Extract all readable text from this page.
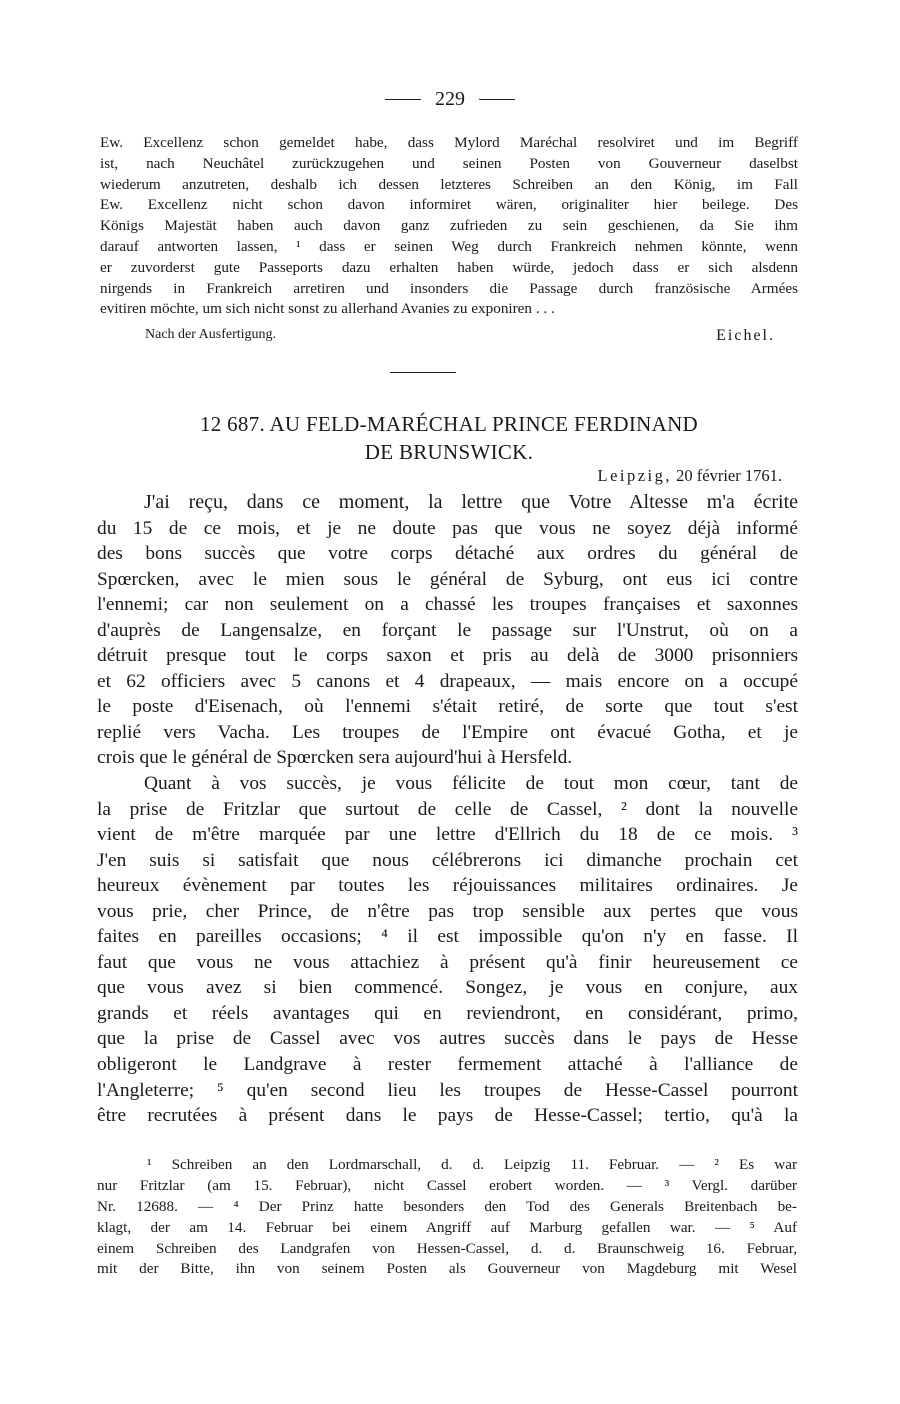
229
Ew. Excellenz schon gemeldet habe, dass Mylord Maréchal resolviret und im Begriff
ist, nach Neuchâtel zurückzugehen und seinen Posten von Gouverneur daselbst
wiederum anzutreten, deshalb ich dessen letzteres Schreiben an den König, im Fall
Ew. Excellenz nicht schon davon informiret wären, originaliter hier beilege. Des
Königs Majestät haben auch davon ganz zufrieden zu sein geschienen, da Sie ihm
darauf antworten lassen, ¹ dass er seinen Weg durch Frankreich nehmen könnte, wenn
er zuvorderst gute Passeports dazu erhalten haben würde, jedoch dass er sich alsdenn
nirgends in Frankreich arretiren und insonders die Passage durch französische Armées
evitiren möchte, um sich nicht sonst zu allerhand Avanies zu exponiren . . .
Nach der Ausfertigung.	Eichel.
12 687. AU FELD-MARÉCHAL PRINCE FERDINAND
DE BRUNSWICK.
Leipzig, 20 février 1761.
J'ai reçu, dans ce moment, la lettre que Votre Altesse m'a écrite
du 15 de ce mois, et je ne doute pas que vous ne soyez déjà informé
des bons succès que votre corps détaché aux ordres du général de
Spœrcken, avec le mien sous le général de Syburg, ont eus ici contre
l'ennemi; car non seulement on a chassé les troupes françaises et saxonnes
d'auprès de Langensalze, en forçant le passage sur l'Unstrut, où on a
détruit presque tout le corps saxon et pris au delà de 3000 prisonniers
et 62 officiers avec 5 canons et 4 drapeaux, — mais encore on a occupé
le poste d'Eisenach, où l'ennemi s'était retiré, de sorte que tout s'est
replié vers Vacha. Les troupes de l'Empire ont évacué Gotha, et je
crois que le général de Spœrcken sera aujourd'hui à Hersfeld.
Quant à vos succès, je vous félicite de tout mon cœur, tant de
la prise de Fritzlar que surtout de celle de Cassel, ² dont la nouvelle
vient de m'être marquée par une lettre d'Ellrich du 18 de ce mois. ³
J'en suis si satisfait que nous célébrerons ici dimanche prochain cet
heureux évènement par toutes les réjouissances militaires ordinaires. Je
vous prie, cher Prince, de n'être pas trop sensible aux pertes que vous
faites en pareilles occasions; ⁴ il est impossible qu'on n'y en fasse. Il
faut que vous ne vous attachiez à présent qu'à finir heureusement ce
que vous avez si bien commencé. Songez, je vous en conjure, aux
grands et réels avantages qui en reviendront, en considérant, primo,
que la prise de Cassel avec vos autres succès dans le pays de Hesse
obligeront le Landgrave à rester fermement attaché à l'alliance de
l'Angleterre; ⁵ qu'en second lieu les troupes de Hesse-Cassel pourront
être recrutées à présent dans le pays de Hesse-Cassel; tertio, qu'à la
¹ Schreiben an den Lordmarschall, d. d. Leipzig 11. Februar. — ² Es war
nur Fritzlar (am 15. Februar), nicht Cassel erobert worden. — ³ Vergl. darüber
Nr. 12688. — ⁴ Der Prinz hatte besonders den Tod des Generals Breitenbach be-
klagt, der am 14. Februar bei einem Angriff auf Marburg gefallen war. — ⁵ Auf
einem Schreiben des Landgrafen von Hessen-Cassel, d. d. Braunschweig 16. Februar,
mit der Bitte, ihn von seinem Posten als Gouverneur von Magdeburg mit Wesel
